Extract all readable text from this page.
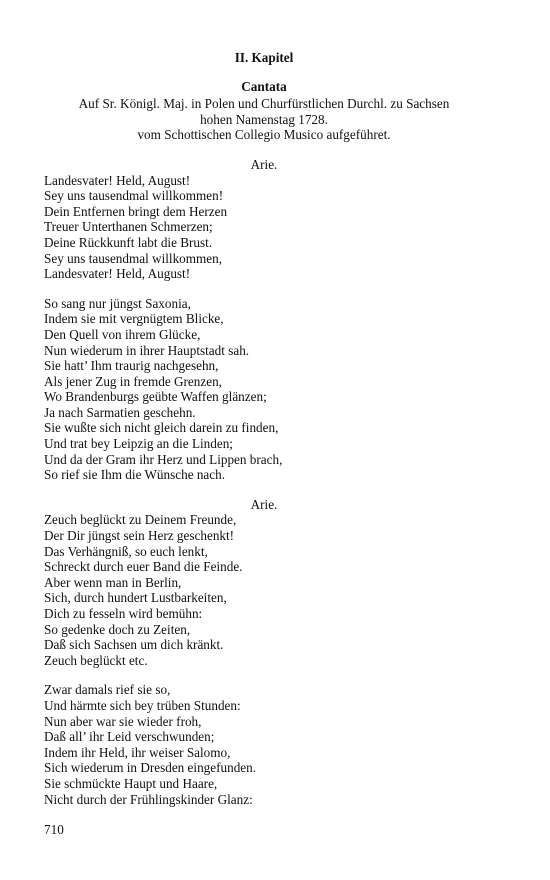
II. Kapitel
Cantata
Auf Sr. Königl. Maj. in Polen und Churfürstlichen Durchl. zu Sachsen
hohen Namenstag 1728.
vom Schottischen Collegio Musico aufgeführet.
Arie.
Landesvater! Held, August!
Sey uns tausendmal willkommen!
Dein Entfernen bringt dem Herzen
Treuer Unterthanen Schmerzen;
Deine Rückkunft labt die Brust.
Sey uns tausendmal willkommen,
Landesvater! Held, August!
So sang nur jüngst Saxonia,
Indem sie mit vergnügtem Blicke,
Den Quell von ihrem Glücke,
Nun wiederum in ihrer Hauptstadt sah.
Sie hatt’ Ihm traurig nachgesehn,
Als jener Zug in fremde Grenzen,
Wo Brandenburgs geübte Waffen glänzen;
Ja nach Sarmatien geschehn.
Sie wußte sich nicht gleich darein zu finden,
Und trat bey Leipzig an die Linden;
Und da der Gram ihr Herz und Lippen brach,
So rief sie Ihm die Wünsche nach.
Arie.
Zeuch beglückt zu Deinem Freunde,
Der Dir jüngst sein Herz geschenkt!
Das Verhängniß, so euch lenkt,
Schreckt durch euer Band die Feinde.
Aber wenn man in Berlin,
Sich, durch hundert Lustbarkeiten,
Dich zu fesseln wird bemühn:
So gedenke doch zu Zeiten,
Daß sich Sachsen um dich kränkt.
Zeuch beglückt etc.
Zwar damals rief sie so,
Und härmte sich bey trüben Stunden:
Nun aber war sie wieder froh,
Daß all’ ihr Leid verschwunden;
Indem ihr Held, ihr weiser Salomo,
Sich wiederum in Dresden eingefunden.
Sie schmückte Haupt und Haare,
Nicht durch der Frühlingskinder Glanz:
710
